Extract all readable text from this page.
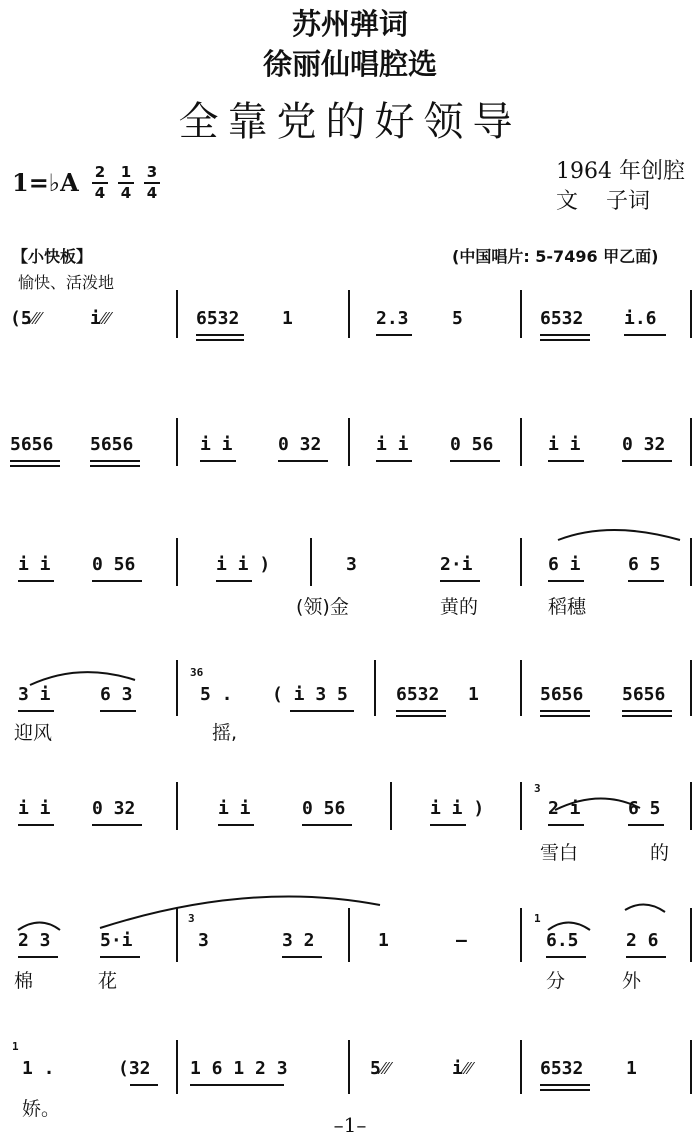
苏州弹词
徐丽仙唱腔选
全靠党的好领导
1=♭A 2
4
1
4
3
4
1964 年创腔
文    子词
【小快板】
愉快、活泼地
(中国唱片: 5-7496 甲乙面)
(5⁄⁄⁄	i⁄⁄⁄	6532 1	2.3 5	6532 i.6
5656 5656	i i	0 32	i i 0 56	i i 0 32
i i 0 56	i i )	3	2·i	6 i	6 5
(领)金	黄的	稻穗
3 i	6 3
36
5 . ( i 3 5	6532 1	5656 5656
迎风	摇,
i i 0 32	i i	0 56	i i )
3
2 i	6 5
雪白	的
2 3	5·i
3
3	3 2	1	–
1
6.5	2 6
棉	花	分	外
1
1 .	(32 1 6 1 2 3	5⁄⁄⁄	i⁄⁄⁄	6532 1
娇。
–1–
